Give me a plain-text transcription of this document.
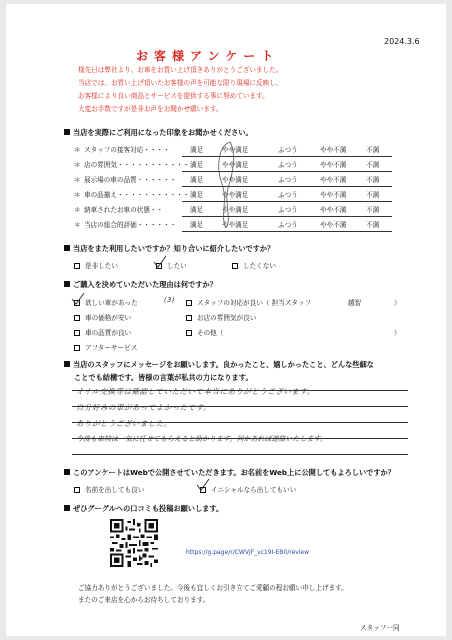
2024.3.6
お客様アンケート
様先日は弊社より、お車をお買い上げ頂きありがとうございました。
当店では、お買い上げ頂いたお客様の声を可能な限り現場に反映し、
お客様により良い商品とサービスを提供する事に努めています。
大変お手数ですが是非お声をお聞かせ願います。
当店を実際にご利用になった印象をお聞かせください。
＊ スタッフの接客対応・・・・	満足	やや満足	ふつう	やや不満	不満
＊ 店の雰囲気・・・・・・・・・・・ 満足	やや満足	ふつう	やや不満	不満
＊ 展示場の車の品質・・・・・・ 満足	やや満足	ふつう	やや不満	不満
＊ 車の品揃え・・・・・・・・・・・ 満足	やや満足	ふつう	やや不満	不満
＊ 納車されたお車の状態・・	満足	やや満足	ふつう	やや不満	不満
＊ 当店の総合的評価・・・・・・ 満足	やや満足	ふつう	やや不満	不満
当店をまた利用したいですか？知り合いに紹介したいですか？
是非したい	したい	したくない
ご購入を決めていただいた理由は何ですか？
欲しい車があった
車の価格が安い
車の品質が良い
アフターサービス
スタッフの対応が良い（ 担当スタッフ	越智	）
お店の雰囲気が良い
その他（	）
(3)
当店のスタッフにメッセージをお願いします。良かったこと、嬉しかったこと、どんな些細な
ことでも結構です。皆様の言葉が私共の力になります。
オイル交換等は確認していただいて本当にありがとうございます。
自分好みの車があってよかったです。
ありがとうございました。
今後も車検は一気に任せてもらえると助かります。何かあれば連絡いたします。
このアンケートはWebで公開させていただきます。お名前をWeb上に公開してもよろしいですか？
名前を出しても良い	イニシャルなら出してもいい
ぜひグーグルへの口コミも投稿お願いします。
https://g.page/r/CWVjF_vc19I-EB0/review
ご協力ありがとうございました。今後も宜しくお引き立てご愛顧の程お願い申し上げます。
またのご来店を心からお待ちしております。
スタッフ一同
